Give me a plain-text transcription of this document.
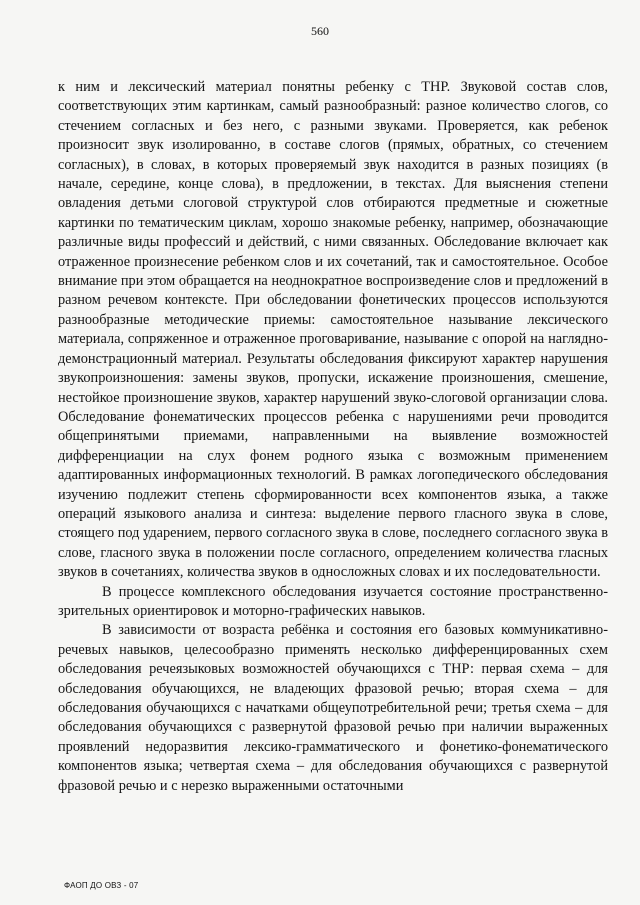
560

к ним и лексический материал понятны ребенку с ТНР. Звуковой состав слов, соответствующих этим картинкам, самый разнообразный: разное количество слогов, со стечением согласных и без него, с разными звуками. Проверяется, как ребенок произносит звук изолированно, в составе слогов (прямых, обратных, со стечением согласных), в словах, в которых проверяемый звук находится в разных позициях (в начале, середине, конце слова), в предложении, в текстах. Для выяснения степени овладения детьми слоговой структурой слов отбираются предметные и сюжетные картинки по тематическим циклам, хорошо знакомые ребенку, например, обозначающие различные виды профессий и действий, с ними связанных. Обследование включает как отраженное произнесение ребенком слов и их сочетаний, так и самостоятельное. Особое внимание при этом обращается на неоднократное воспроизведение слов и предложений в разном речевом контексте. При обследовании фонетических процессов используются разнообразные методические приемы: самостоятельное называние лексического материала, сопряженное и отраженное проговаривание, называние с опорой на наглядно-демонстрационный материал. Результаты обследования фиксируют характер нарушения звукопроизношения: замены звуков, пропуски, искажение произношения, смешение, нестойкое произношение звуков, характер нарушений звуко-слоговой организации слова. Обследование фонематических процессов ребенка с нарушениями речи проводится общепринятыми приемами, направленными на выявление возможностей дифференциации на слух фонем родного языка с возможным применением адаптированных информационных технологий. В рамках логопедического обследования изучению подлежит степень сформированности всех компонентов языка, а также операций языкового анализа и синтеза: выделение первого гласного звука в слове, стоящего под ударением, первого согласного звука в слове, последнего согласного звука в слове, гласного звука в положении после согласного, определением количества гласных звуков в сочетаниях, количества звуков в односложных словах и их последовательности.

В процессе комплексного обследования изучается состояние пространственно-зрительных ориентировок и моторно-графических навыков.

В зависимости от возраста ребёнка и состояния его базовых коммуникативно-речевых навыков, целесообразно применять несколько дифференцированных схем обследования речеязыковых возможностей обучающихся с ТНР: первая схема – для обследования обучающихся, не владеющих фразовой речью; вторая схема – для обследования обучающихся с начатками общеупотребительной речи; третья схема – для обследования обучающихся с развернутой фразовой речью при наличии выраженных проявлений недоразвития лексико-грамматического и фонетико-фонематического компонентов языка; четвертая схема – для обследования обучающихся с развернутой фразовой речью и с нерезко выраженными остаточными

ФАОП ДО ОВЗ - 07
